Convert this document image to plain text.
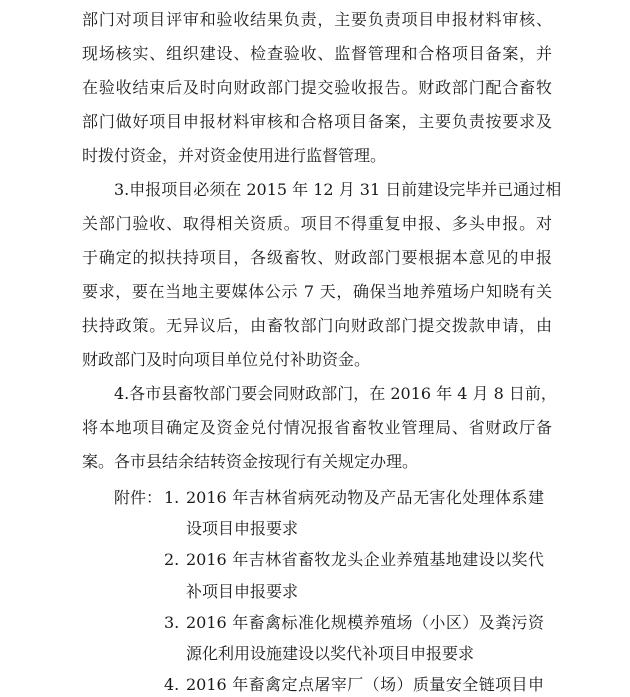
部门对项目评审和验收结果负责，主要负责项目申报材料审核、
现场核实、组织建设、检查验收、监督管理和合格项目备案，并
在验收结束后及时向财政部门提交验收报告。财政部门配合畜牧
部门做好项目申报材料审核和合格项目备案，主要负责按要求及
时拨付资金，并对资金使用进行监督管理。
3.申报项目必须在 2015 年 12 月 31 日前建设完毕并已通过相
关部门验收、取得相关资质。项目不得重复申报、多头申报。对
于确定的拟扶持项目，各级畜牧、财政部门要根据本意见的申报
要求，要在当地主要媒体公示 7 天，确保当地养殖场户知晓有关
扶持政策。无异议后，由畜牧部门向财政部门提交拨款申请，由
财政部门及时向项目单位兑付补助资金。
4.各市县畜牧部门要会同财政部门，在 2016 年 4 月 8 日前，
将本地项目确定及资金兑付情况报省畜牧业管理局、省财政厅备
案。各市县结余结转资金按现行有关规定办理。
附件： 1. 2016 年吉林省病死动物及产品无害化处理体系建
设项目申报要求
2. 2016 年吉林省畜牧龙头企业养殖基地建设以奖代
补项目申报要求
3. 2016 年畜禽标准化规模养殖场（小区）及粪污资
源化利用设施建设以奖代补项目申报要求
4. 2016 年畜禽定点屠宰厂（场）质量安全链项目申
